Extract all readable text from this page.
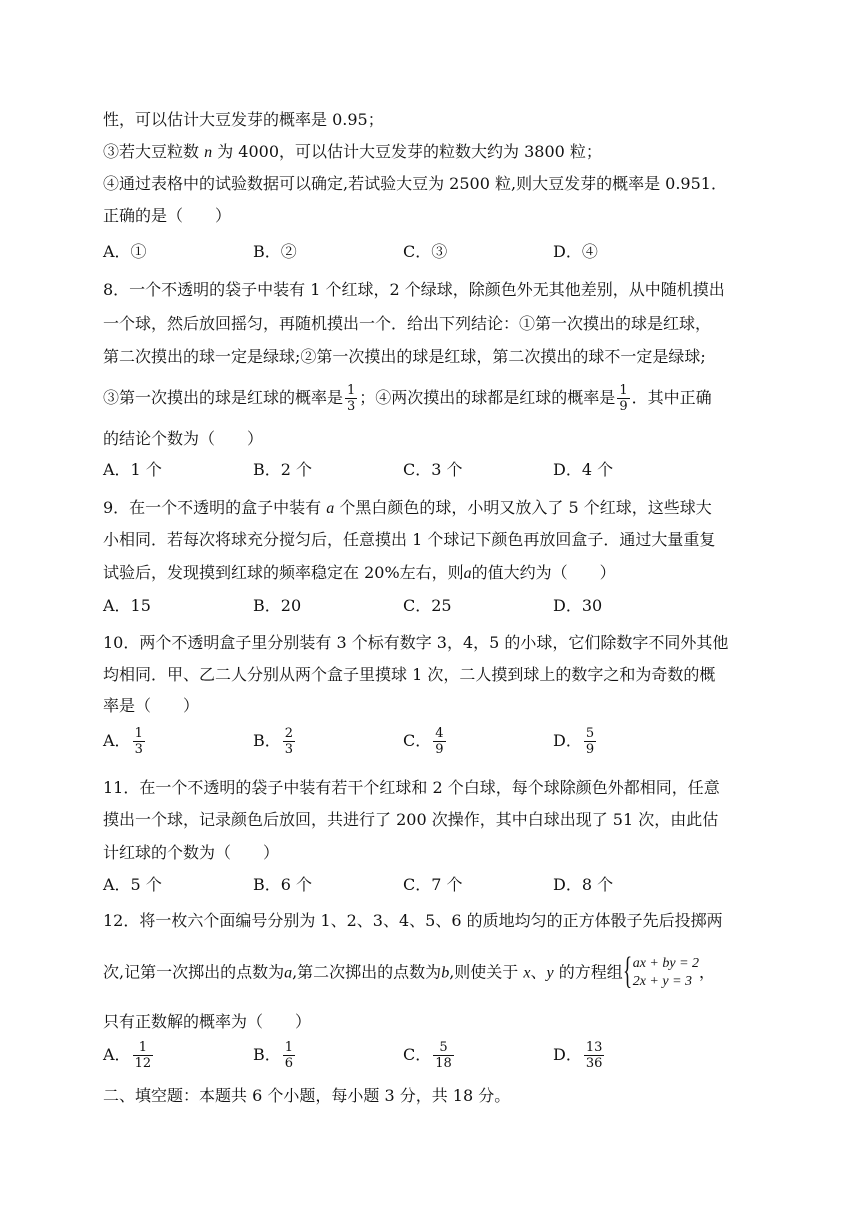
性，可以估计大豆发芽的概率是 0.95；
③若大豆粒数 n 为 4000，可以估计大豆发芽的粒数大约为 3800 粒；
④通过表格中的试验数据可以确定,若试验大豆为 2500 粒,则大豆发芽的概率是 0.951．
正确的是（　　）
A．①	B．②	C．③	D．④
8．一个不透明的袋子中装有 1 个红球，2 个绿球，除颜色外无其他差别，从中随机摸出
一个球，然后放回摇匀，再随机摸出一个．给出下列结论：①第一次摸出的球是红球，
第二次摸出的球一定是绿球;②第一次摸出的球是红球，第二次摸出的球不一定是绿球;
③第一次摸出的球是红球的概率是 $\frac{1}{3}$ ；④两次摸出的球都是红球的概率是 $\frac{1}{9}$ ．其中正确
的结论个数为（　　）
A．1 个	B．2 个	C．3 个	D．4 个
9．在一个不透明的盒子中装有 a 个黑白颜色的球，小明又放入了 5 个红球，这些球大
小相同．若每次将球充分搅匀后，任意摸出 1 个球记下颜色再放回盒子．通过大量重复
试验后，发现摸到红球的频率稳定在 20%左右，则a的值大约为（　　）
A．15	B．20	C．25	D．30
10．两个不透明盒子里分别装有 3 个标有数字 3，4，5 的小球，它们除数字不同外其他
均相同．甲、乙二人分别从两个盒子里摸球 1 次，二人摸到球上的数字之和为奇数的概
率是（　　）
A． $\frac{1}{3}$	B． $\frac{2}{3}$	C． $\frac{4}{9}$	D． $\frac{5}{9}$
11．在一个不透明的袋子中装有若干个红球和 2 个白球，每个球除颜色外都相同，任意
摸出一个球，记录颜色后放回，共进行了 200 次操作，其中白球出现了 51 次，由此估
计红球的个数为（　　）
A．5 个	B．6 个	C．7 个	D．8 个
12．将一枚六个面编号分别为 1、2、3、4、5、6 的质地均匀的正方体骰子先后投掷两
次,记第一次掷出的点数为a,第二次掷出的点数为b,则使关于 x、y 的方程组 { ax + by = 2
2x + y = 3 ，
只有正数解的概率为（　　）
A． $\frac{1}{12}$	B． $\frac{1}{6}$	C． $\frac{5}{18}$	D． $\frac{13}{36}$
二、填空题：本题共 6 个小题，每小题 3 分，共 18 分。
